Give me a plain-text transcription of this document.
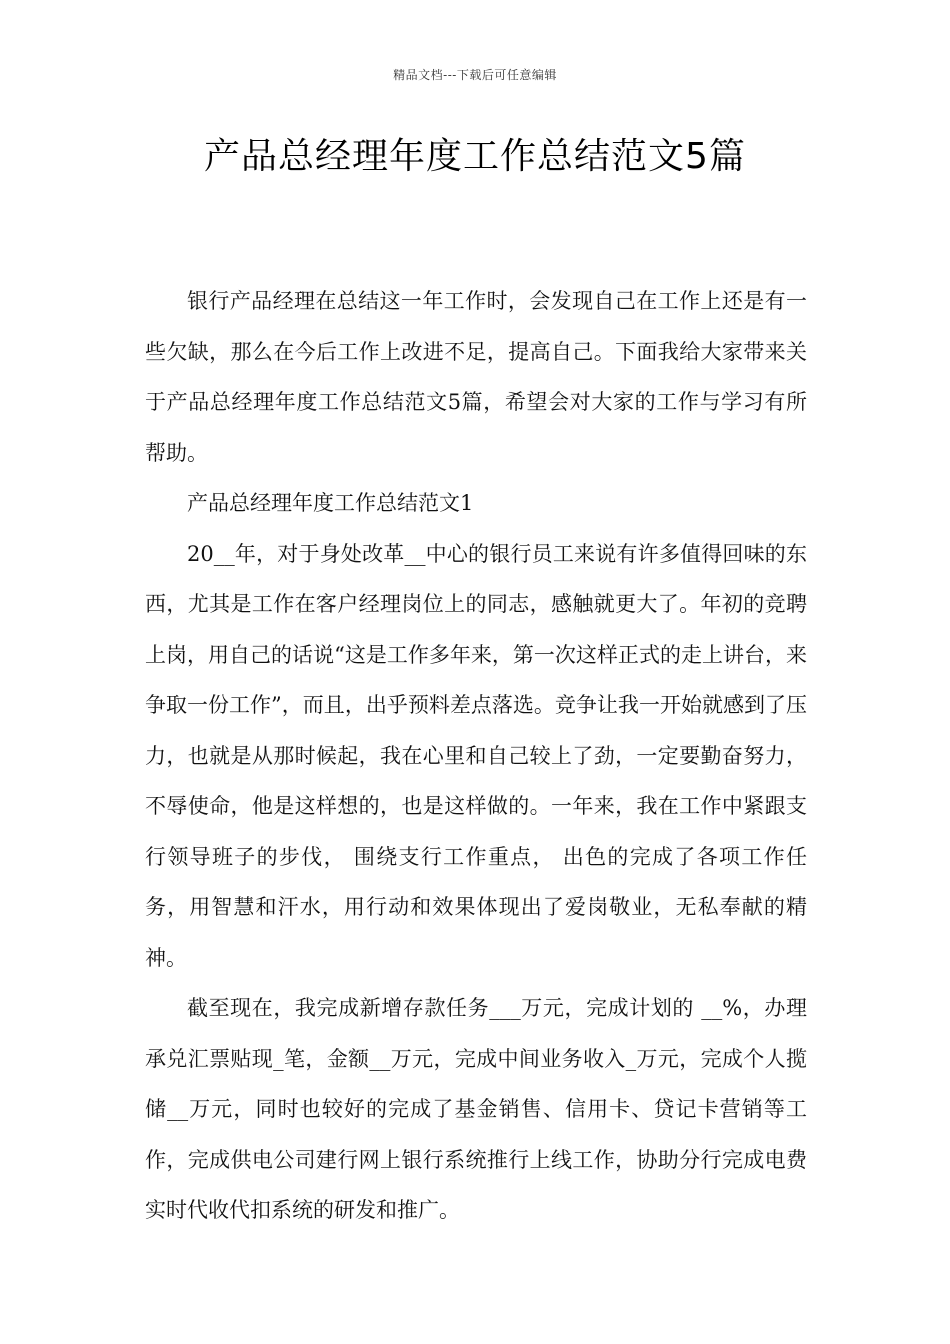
精品文档---下载后可任意编辑
产品总经理年度工作总结范文5篇

银行产品经理在总结这一年工作时，会发现自己在工作上还是有一些欠缺，那么在今后工作上改进不足，提高自己。下面我给大家带来关于产品总经理年度工作总结范文5篇，希望会对大家的工作与学习有所帮助。

产品总经理年度工作总结范文1

20__年，对于身处改革__中心的银行员工来说有许多值得回味的东西，尤其是工作在客户经理岗位上的同志，感触就更大了。年初的竞聘上岗，用自己的话说“这是工作多年来，第一次这样正式的走上讲台，来争取一份工作”，而且，出乎预料差点落选。竞争让我一开始就感到了压力，也就是从那时候起，我在心里和自己较上了劲，一定要勤奋努力，不辱使命，他是这样想的，也是这样做的。一年来，我在工作中紧跟支行领导班子的步伐， 围绕支行工作重点， 出色的完成了各项工作任务，用智慧和汗水，用行动和效果体现出了爱岗敬业，无私奉献的精神。

截至现在，我完成新增存款任务___万元，完成计划的 __%，办理承兑汇票贴现_笔，金额__万元，完成中间业务收入_万元，完成个人揽储__万元，同时也较好的完成了基金销售、信用卡、贷记卡营销等工作，完成供电公司建行网上银行系统推行上线工作，协助分行完成电费实时代收代扣系统的研发和推广。
